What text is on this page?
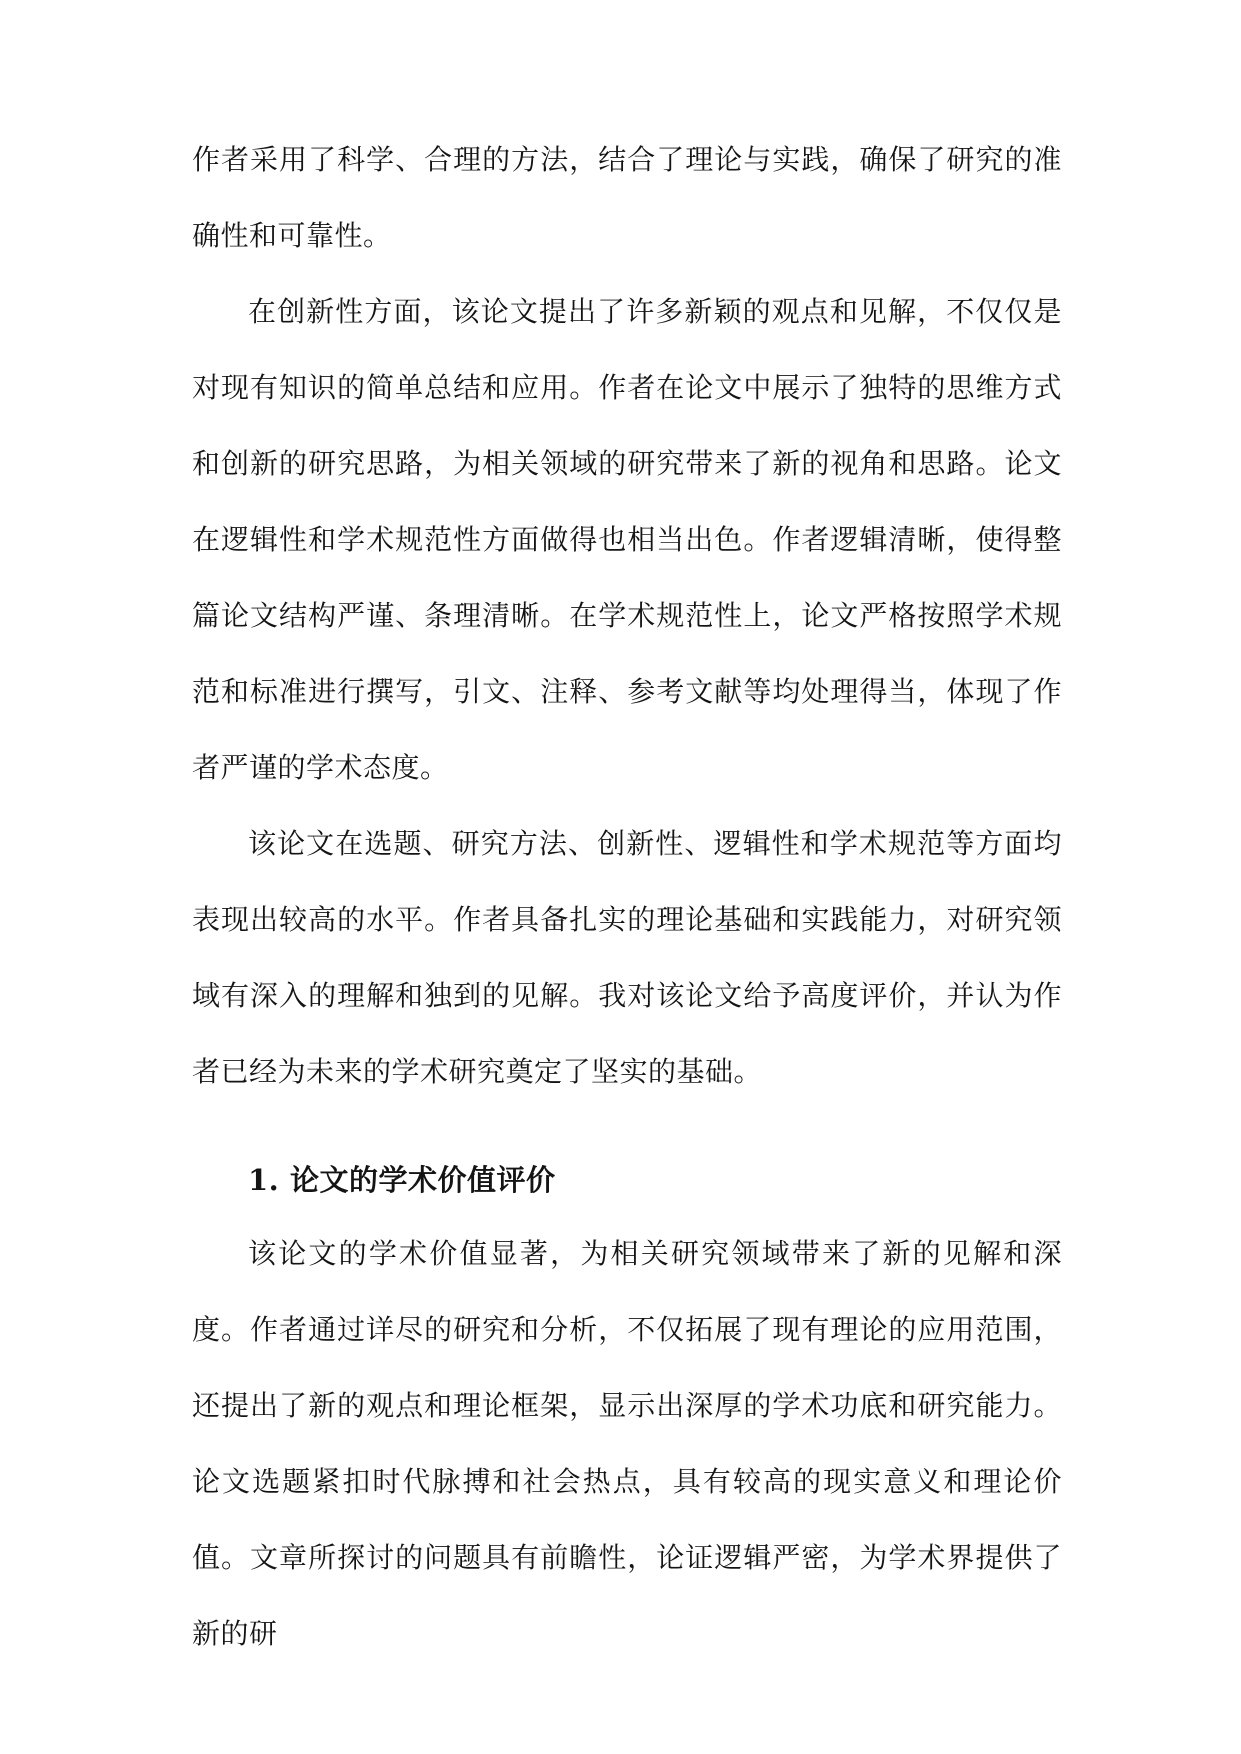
作者采用了科学、合理的方法，结合了理论与实践，确保了研究的准确性和可靠性。

在创新性方面，该论文提出了许多新颖的观点和见解，不仅仅是对现有知识的简单总结和应用。作者在论文中展示了独特的思维方式和创新的研究思路，为相关领域的研究带来了新的视角和思路。论文在逻辑性和学术规范性方面做得也相当出色。作者逻辑清晰，使得整篇论文结构严谨、条理清晰。在学术规范性上，论文严格按照学术规范和标准进行撰写，引文、注释、参考文献等均处理得当，体现了作者严谨的学术态度。

该论文在选题、研究方法、创新性、逻辑性和学术规范等方面均表现出较高的水平。作者具备扎实的理论基础和实践能力，对研究领域有深入的理解和独到的见解。我对该论文给予高度评价，并认为作者已经为未来的学术研究奠定了坚实的基础。

1. 论文的学术价值评价

该论文的学术价值显著，为相关研究领域带来了新的见解和深度。作者通过详尽的研究和分析，不仅拓展了现有理论的应用范围，还提出了新的观点和理论框架，显示出深厚的学术功底和研究能力。论文选题紧扣时代脉搏和社会热点，具有较高的现实意义和理论价值。文章所探讨的问题具有前瞻性，论证逻辑严密，为学术界提供了新的研
